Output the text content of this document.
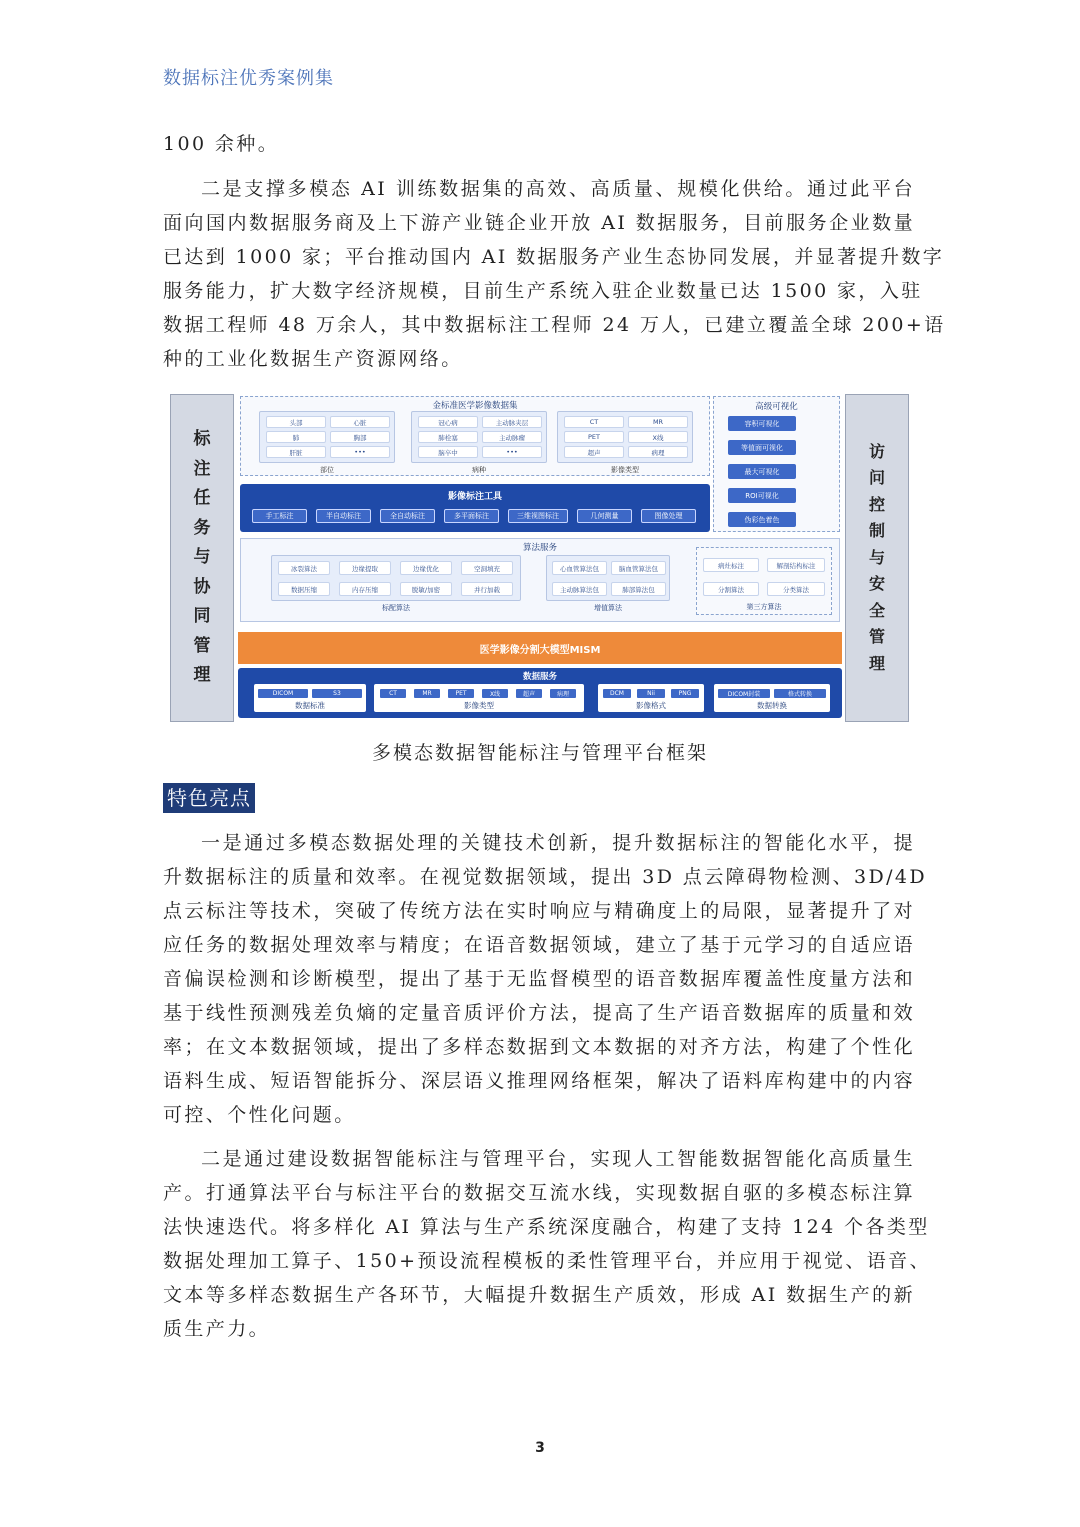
数据标注优秀案例集
100 余种。
二是支撑多模态 AI 训练数据集的高效、高质量、规模化供给。通过此平台
面向国内数据服务商及上下游产业链企业开放 AI 数据服务，目前服务企业数量
已达到 1000 家；平台推动国内 AI 数据服务产业生态协同发展，并显著提升数字
服务能力，扩大数字经济规模，目前生产系统入驻企业数量已达 1500 家，入驻
数据工程师 48 万余人，其中数据标注工程师 24 万人，已建立覆盖全球 200+语
种的工业化数据生产资源网络。
标
注
任
务
与
协
同
管
理
访
问
控
制
与
安
全
管
理
金标准医学影像数据集
头部	心脏
肺	胸部
肝脏	•••
部位
冠心病	主动脉夹层
肺栓塞	主动脉瘤
脑卒中	•••
病种
CT	MR
PET	X线
超声	病理
影像类型
高级可视化
容积可视化
等值面可视化
最大可视化
ROI可视化
伪彩色着色
影像标注工具
手工标注	半自动标注	全自动标注	多平面标注	三维视图标注	几何测量	图像处理
算法服务
冰裂算法	边缘提取	边缘优化	空洞填充
数据压缩	内存压缩	脱敏/加密	并行加载
标配算法
心血管算法包	脑血管算法包
主动脉算法包	肺部算法包
增值算法
病灶标注	解剖结构标注
分割算法	分类算法
第三方算法
医学影像分割大模型MISM
数据服务
DICOM	S3
数据标准
CT	MR	PET	X线	超声	病理
影像类型
DCM	Nii	PNG
影像格式
DICOM封装	格式转换
数据转换
多模态数据智能标注与管理平台框架
特色亮点
一是通过多模态数据处理的关键技术创新，提升数据标注的智能化水平，提
升数据标注的质量和效率。在视觉数据领域，提出 3D 点云障碍物检测、3D/4D
点云标注等技术，突破了传统方法在实时响应与精确度上的局限，显著提升了对
应任务的数据处理效率与精度；在语音数据领域，建立了基于元学习的自适应语
音偏误检测和诊断模型，提出了基于无监督模型的语音数据库覆盖性度量方法和
基于线性预测残差负熵的定量音质评价方法，提高了生产语音数据库的质量和效
率；在文本数据领域，提出了多样态数据到文本数据的对齐方法，构建了个性化
语料生成、短语智能拆分、深层语义推理网络框架，解决了语料库构建中的内容
可控、个性化问题。
二是通过建设数据智能标注与管理平台，实现人工智能数据智能化高质量生
产。打通算法平台与标注平台的数据交互流水线，实现数据自驱的多模态标注算
法快速迭代。将多样化 AI 算法与生产系统深度融合，构建了支持 124 个各类型
数据处理加工算子、150+预设流程模板的柔性管理平台，并应用于视觉、语音、
文本等多样态数据生产各环节，大幅提升数据生产质效，形成 AI 数据生产的新
质生产力。
3
